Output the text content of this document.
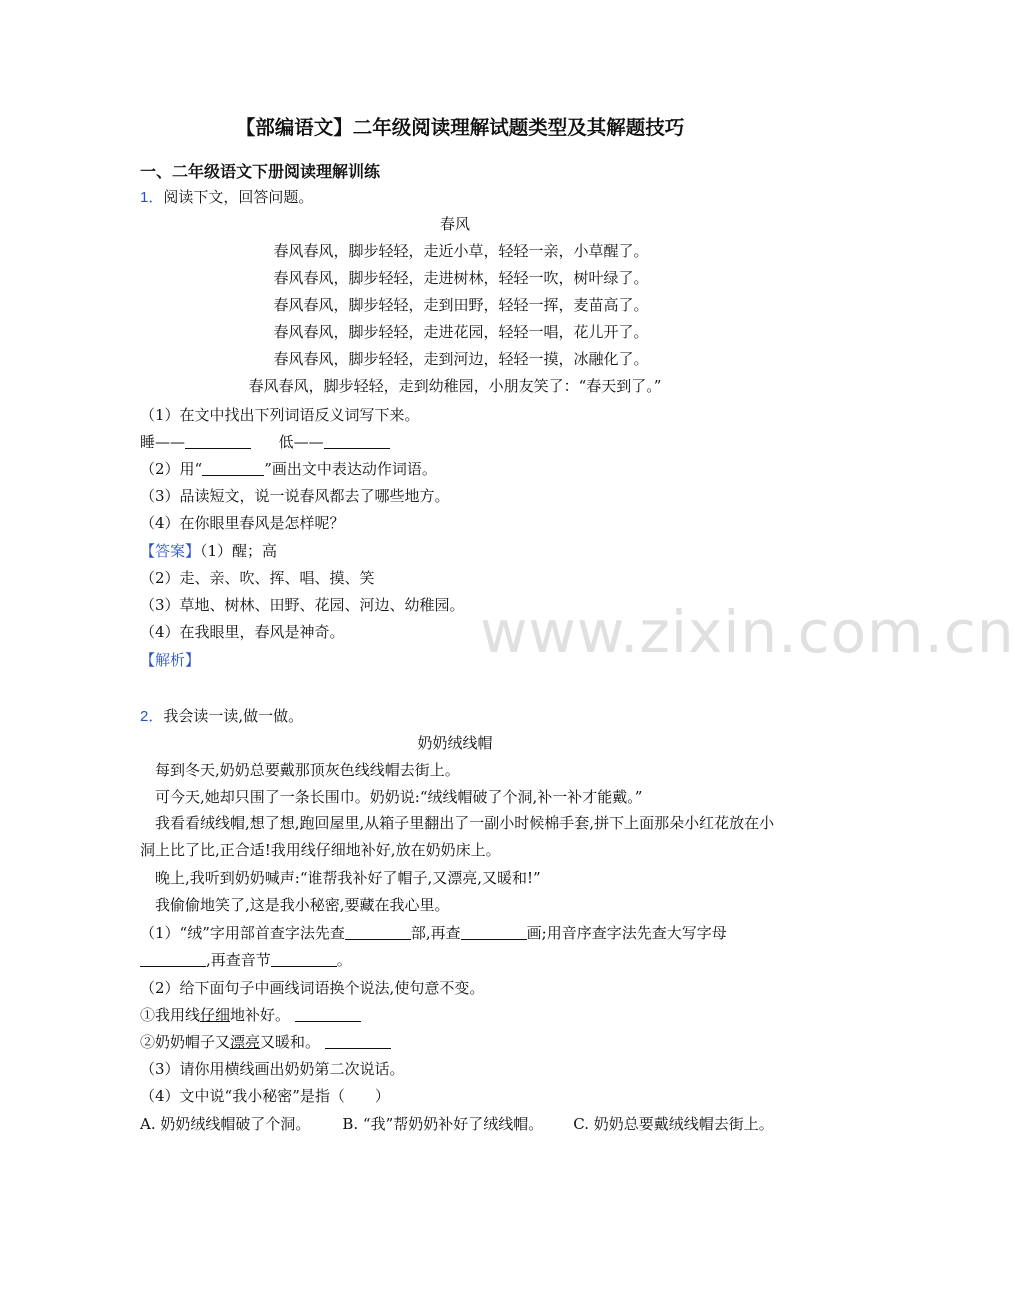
【部编语文】二年级阅读理解试题类型及其解题技巧
一、二年级语文下册阅读理解训练
1．阅读下文，回答问题。
春风
春风春风，脚步轻轻，走近小草，轻轻一亲，小草醒了。
春风春风，脚步轻轻，走进树林，轻轻一吹，树叶绿了。
春风春风，脚步轻轻，走到田野，轻轻一挥，麦苗高了。
春风春风，脚步轻轻，走进花园，轻轻一唱，花儿开了。
春风春风，脚步轻轻，走到河边，轻轻一摸，冰融化了。
春风春风，脚步轻轻，走到幼稚园，小朋友笑了：“春天到了。”
（1）在文中找出下列词语反义词写下来。
睡——	低——
（2）用“	”画出文中表达动作词语。
（3）品读短文，说一说春风都去了哪些地方。
（4）在你眼里春风是怎样呢？
【答案】（1）醒；高
（2）走、亲、吹、挥、唱、摸、笑
（3）草地、树林、田野、花园、河边、幼稚园。
（4）在我眼里，春风是神奇。
【解析】	www.zixin.com.cn
2．我会读一读,做一做。
奶奶绒线帽
每到冬天,奶奶总要戴那顶灰色线线帽去街上。
可今天,她却只围了一条长围巾。奶奶说:“绒线帽破了个洞,补一补才能戴。”
我看看绒线帽,想了想,跑回屋里,从箱子里翻出了一副小时候棉手套,拼下上面那朵小红花放在小洞上比了比,正合适!我用线仔细地补好,放在奶奶床上。
晚上,我听到奶奶喊声:“谁帮我补好了帽子,又漂亮,又暖和!”
我偷偷地笑了,这是我小秘密,要藏在我心里。
（1）“绒”字用部首查字法先查	部,再查	画;用音序查字法先查大写字母
,再查音节	。
（2）给下面句子中画线词语换个说法,使句意不变。
①我用线仔细地补好。
②奶奶帽子又漂亮又暖和。
（3）请你用横线画出奶奶第二次说话。
（4）文中说“我小秘密”是指（　　）
A. 奶奶绒线帽破了个洞。 B. “我”帮奶奶补好了绒线帽。 C. 奶奶总要戴绒线帽去街上。
